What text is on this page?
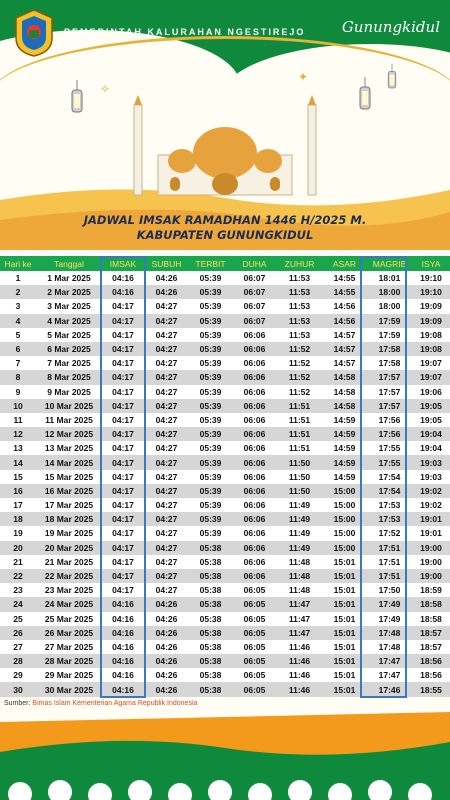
PEMERINTAH KALURAHAN NGESTIREJO Gunungkidul
✦
✧
JADWAL IMSAK RAMADHAN 1446 H/2025 M.
KABUPATEN GUNUNGKIDUL
Hari ke	Tanggal	IMSAK	SUBUH	TERBIT	DUHA	ZUHUR	ASAR	MAGRIB	ISYA
1	1 Mar 2025	04:16	04:26	05:39	06:07	11:53	14:55	18:01	19:10
2	2 Mar 2025	04:16	04:26	05:39	06:07	11:53	14:55	18:00	19:10
3	3 Mar 2025	04:17	04:27	05:39	06:07	11:53	14:56	18:00	19:09
4	4 Mar 2025	04:17	04:27	05:39	06:07	11:53	14:56	17:59	19:09
5	5 Mar 2025	04:17	04:27	05:39	06:06	11:53	14:57	17:59	19:08
6	6 Mar 2025	04:17	04:27	05:39	06:06	11:52	14:57	17:58	19:08
7	7 Mar 2025	04:17	04:27	05:39	06:06	11:52	14:57	17:58	19:07
8	8 Mar 2025	04:17	04:27	05:39	06:06	11:52	14:58	17:57	19:07
9	9 Mar 2025	04:17	04:27	05:39	06:06	11:52	14:58	17:57	19:06
10	10 Mar 2025	04:17	04:27	05:39	06:06	11:51	14:58	17:57	19:05
11	11 Mar 2025	04:17	04:27	05:39	06:06	11:51	14:59	17:56	19:05
12	12 Mar 2025	04:17	04:27	05:39	06:06	11:51	14:59	17:56	19:04
13	13 Mar 2025	04:17	04:27	05:39	06:06	11:51	14:59	17:55	19:04
14	14 Mar 2025	04:17	04:27	05:39	06:06	11:50	14:59	17:55	19:03
15	15 Mar 2025	04:17	04:27	05:39	06:06	11:50	14:59	17:54	19:03
16	16 Mar 2025	04:17	04:27	05:39	06:06	11:50	15:00	17:54	19:02
17	17 Mar 2025	04:17	04:27	05:39	06:06	11:49	15:00	17:53	19:02
18	18 Mar 2025	04:17	04:27	05:39	06:06	11:49	15:00	17:53	19:01
19	19 Mar 2025	04:17	04:27	05:39	06:06	11:49	15:00	17:52	19:01
20	20 Mar 2025	04:17	04:27	05:38	06:06	11:49	15:00	17:51	19:00
21	21 Mar 2025	04:17	04:27	05:38	06:06	11:48	15:01	17:51	19:00
22	22 Mar 2025	04:17	04:27	05:38	06:06	11:48	15:01	17:51	19:00
23	23 Mar 2025	04:17	04:27	05:38	06:05	11:48	15:01	17:50	18:59
24	24 Mar 2025	04:16	04:26	05:38	06:05	11:47	15:01	17:49	18:58
25	25 Mar 2025	04:16	04:26	05:38	06:05	11:47	15:01	17:49	18:58
26	26 Mar 2025	04:16	04:26	05:38	06:05	11:47	15:01	17:48	18:57
27	27 Mar 2025	04:16	04:26	05:38	06:05	11:46	15:01	17:48	18:57
28	28 Mar 2025	04:16	04:26	05:38	06:05	11:46	15:01	17:47	18:56
29	29 Mar 2025	04:16	04:26	05:38	06:05	11:46	15:01	17:47	18:56
30	30 Mar 2025	04:16	04:26	05:38	06:05	11:46	15:01	17:46	18:55
Sumber: Bimas Islam Kementerian Agama Republik Indonesia
